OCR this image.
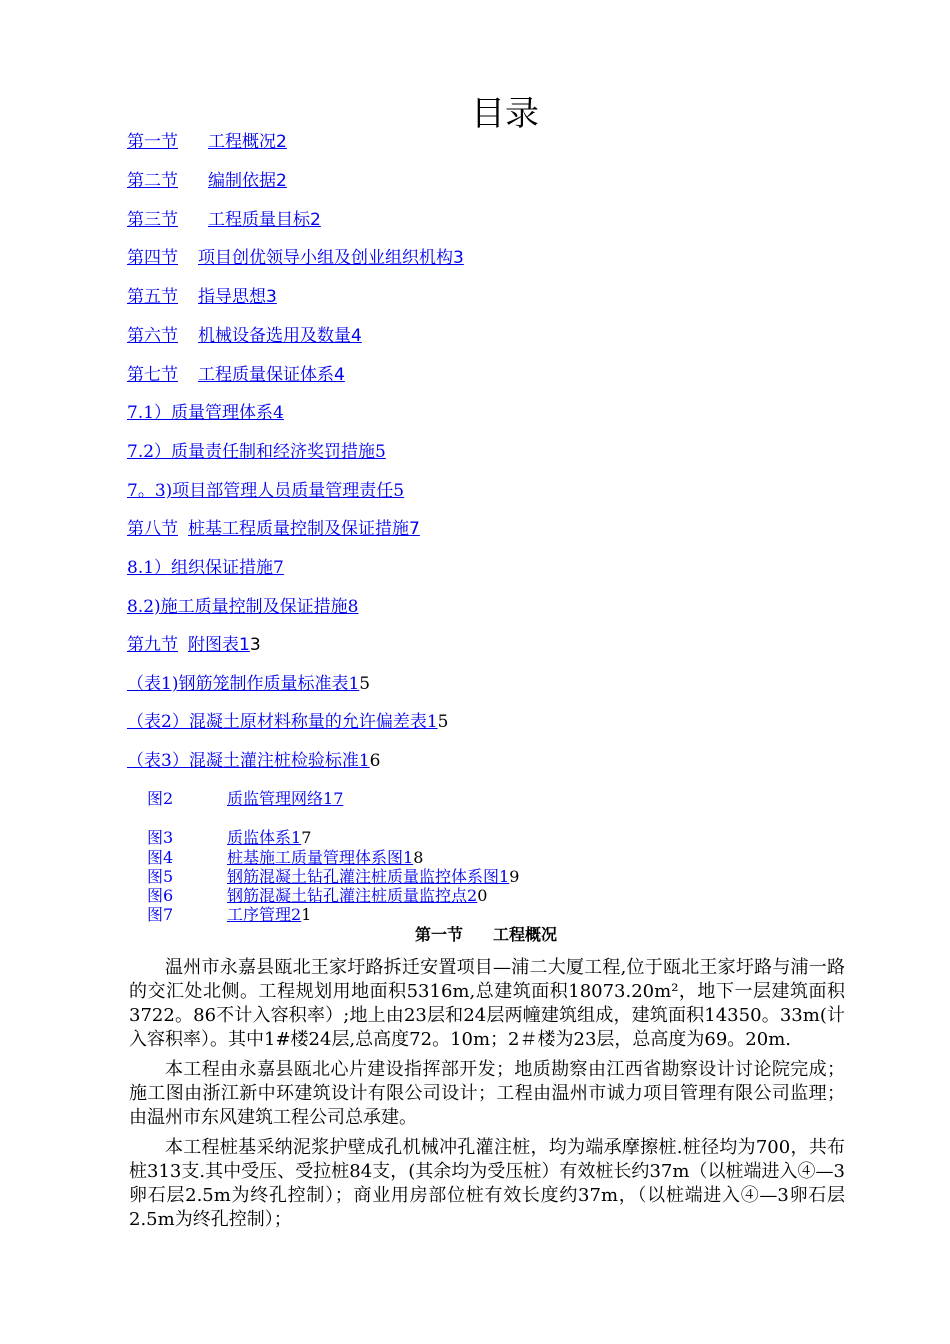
目录
第一节 工程概况2
第二节 编制依据2
第三节 工程质量目标2
第四节 项目创优领导小组及创业组织机构3
第五节 指导思想3
第六节 机械设备选用及数量4
第七节 工程质量保证体系4
7.1）质量管理体系4
7.2）质量责任制和经济奖罚措施5
7。3)项目部管理人员质量管理责任5
第八节 桩基工程质量控制及保证措施7
8.1）组织保证措施7
8.2)施工质量控制及保证措施8
第九节 附图表13
（表1)钢筋笼制作质量标准表15
（表2）混凝土原材料称量的允许偏差表15
（表3）混凝土灌注桩检验标准16
图2	质监管理网络17
图3	质监体系17
图4	桩基施工质量管理体系图18
图5	钢筋混凝土钻孔灌注桩质量监控体系图19
图6	钢筋混凝土钻孔灌注桩质量监控点20
图7	工序管理21
第一节 工程概况

温州市永嘉县瓯北王家圩路拆迁安置项目—浦二大厦工程,位于瓯北王家圩路与浦一路的交汇处北侧。工程规划用地面积5316m,总建筑面积18073.20m²，地下一层建筑面积3722。86不计入容积率）;地上由23层和24层两幢建筑组成，建筑面积14350。33m(计入容积率）。其中1#楼24层,总高度72。10m；2＃楼为23层，总高度为69。20m.

本工程由永嘉县瓯北心片建设指挥部开发；地质勘察由江西省勘察设计讨论院完成；施工图由浙江新中环建筑设计有限公司设计；工程由温州市诚力项目管理有限公司监理；由温州市东风建筑工程公司总承建。

本工程桩基采纳泥浆护壁成孔机械冲孔灌注桩，均为端承摩擦桩.桩径均为700，共布桩313支.其中受压、受拉桩84支，(其余均为受压桩）有效桩长约37m（以桩端进入④—3卵石层2.5m为终孔控制）；商业用房部位桩有效长度约37m，（以桩端进入④—3卵石层2.5m为终孔控制）；
